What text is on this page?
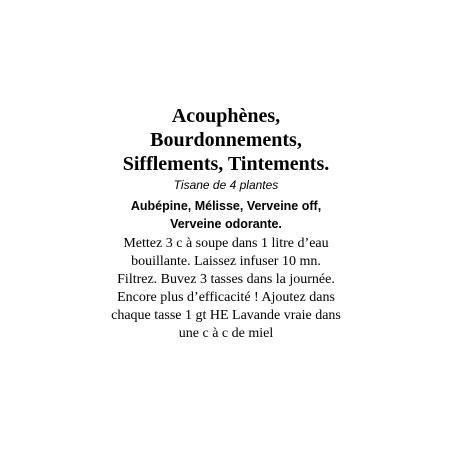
Acouphènes,
Bourdonnements,
Sifflements, Tintements.

Tisane de 4 plantes

Aubépine, Mélisse, Verveine off,
Verveine odorante.

Mettez 3 c à soupe dans 1 litre d’eau
bouillante. Laissez infuser 10 mn.
Filtrez. Buvez 3 tasses dans la journée.
Encore plus d’efficacité ! Ajoutez dans
chaque tasse 1 gt HE Lavande vraie dans
une c à c de miel
